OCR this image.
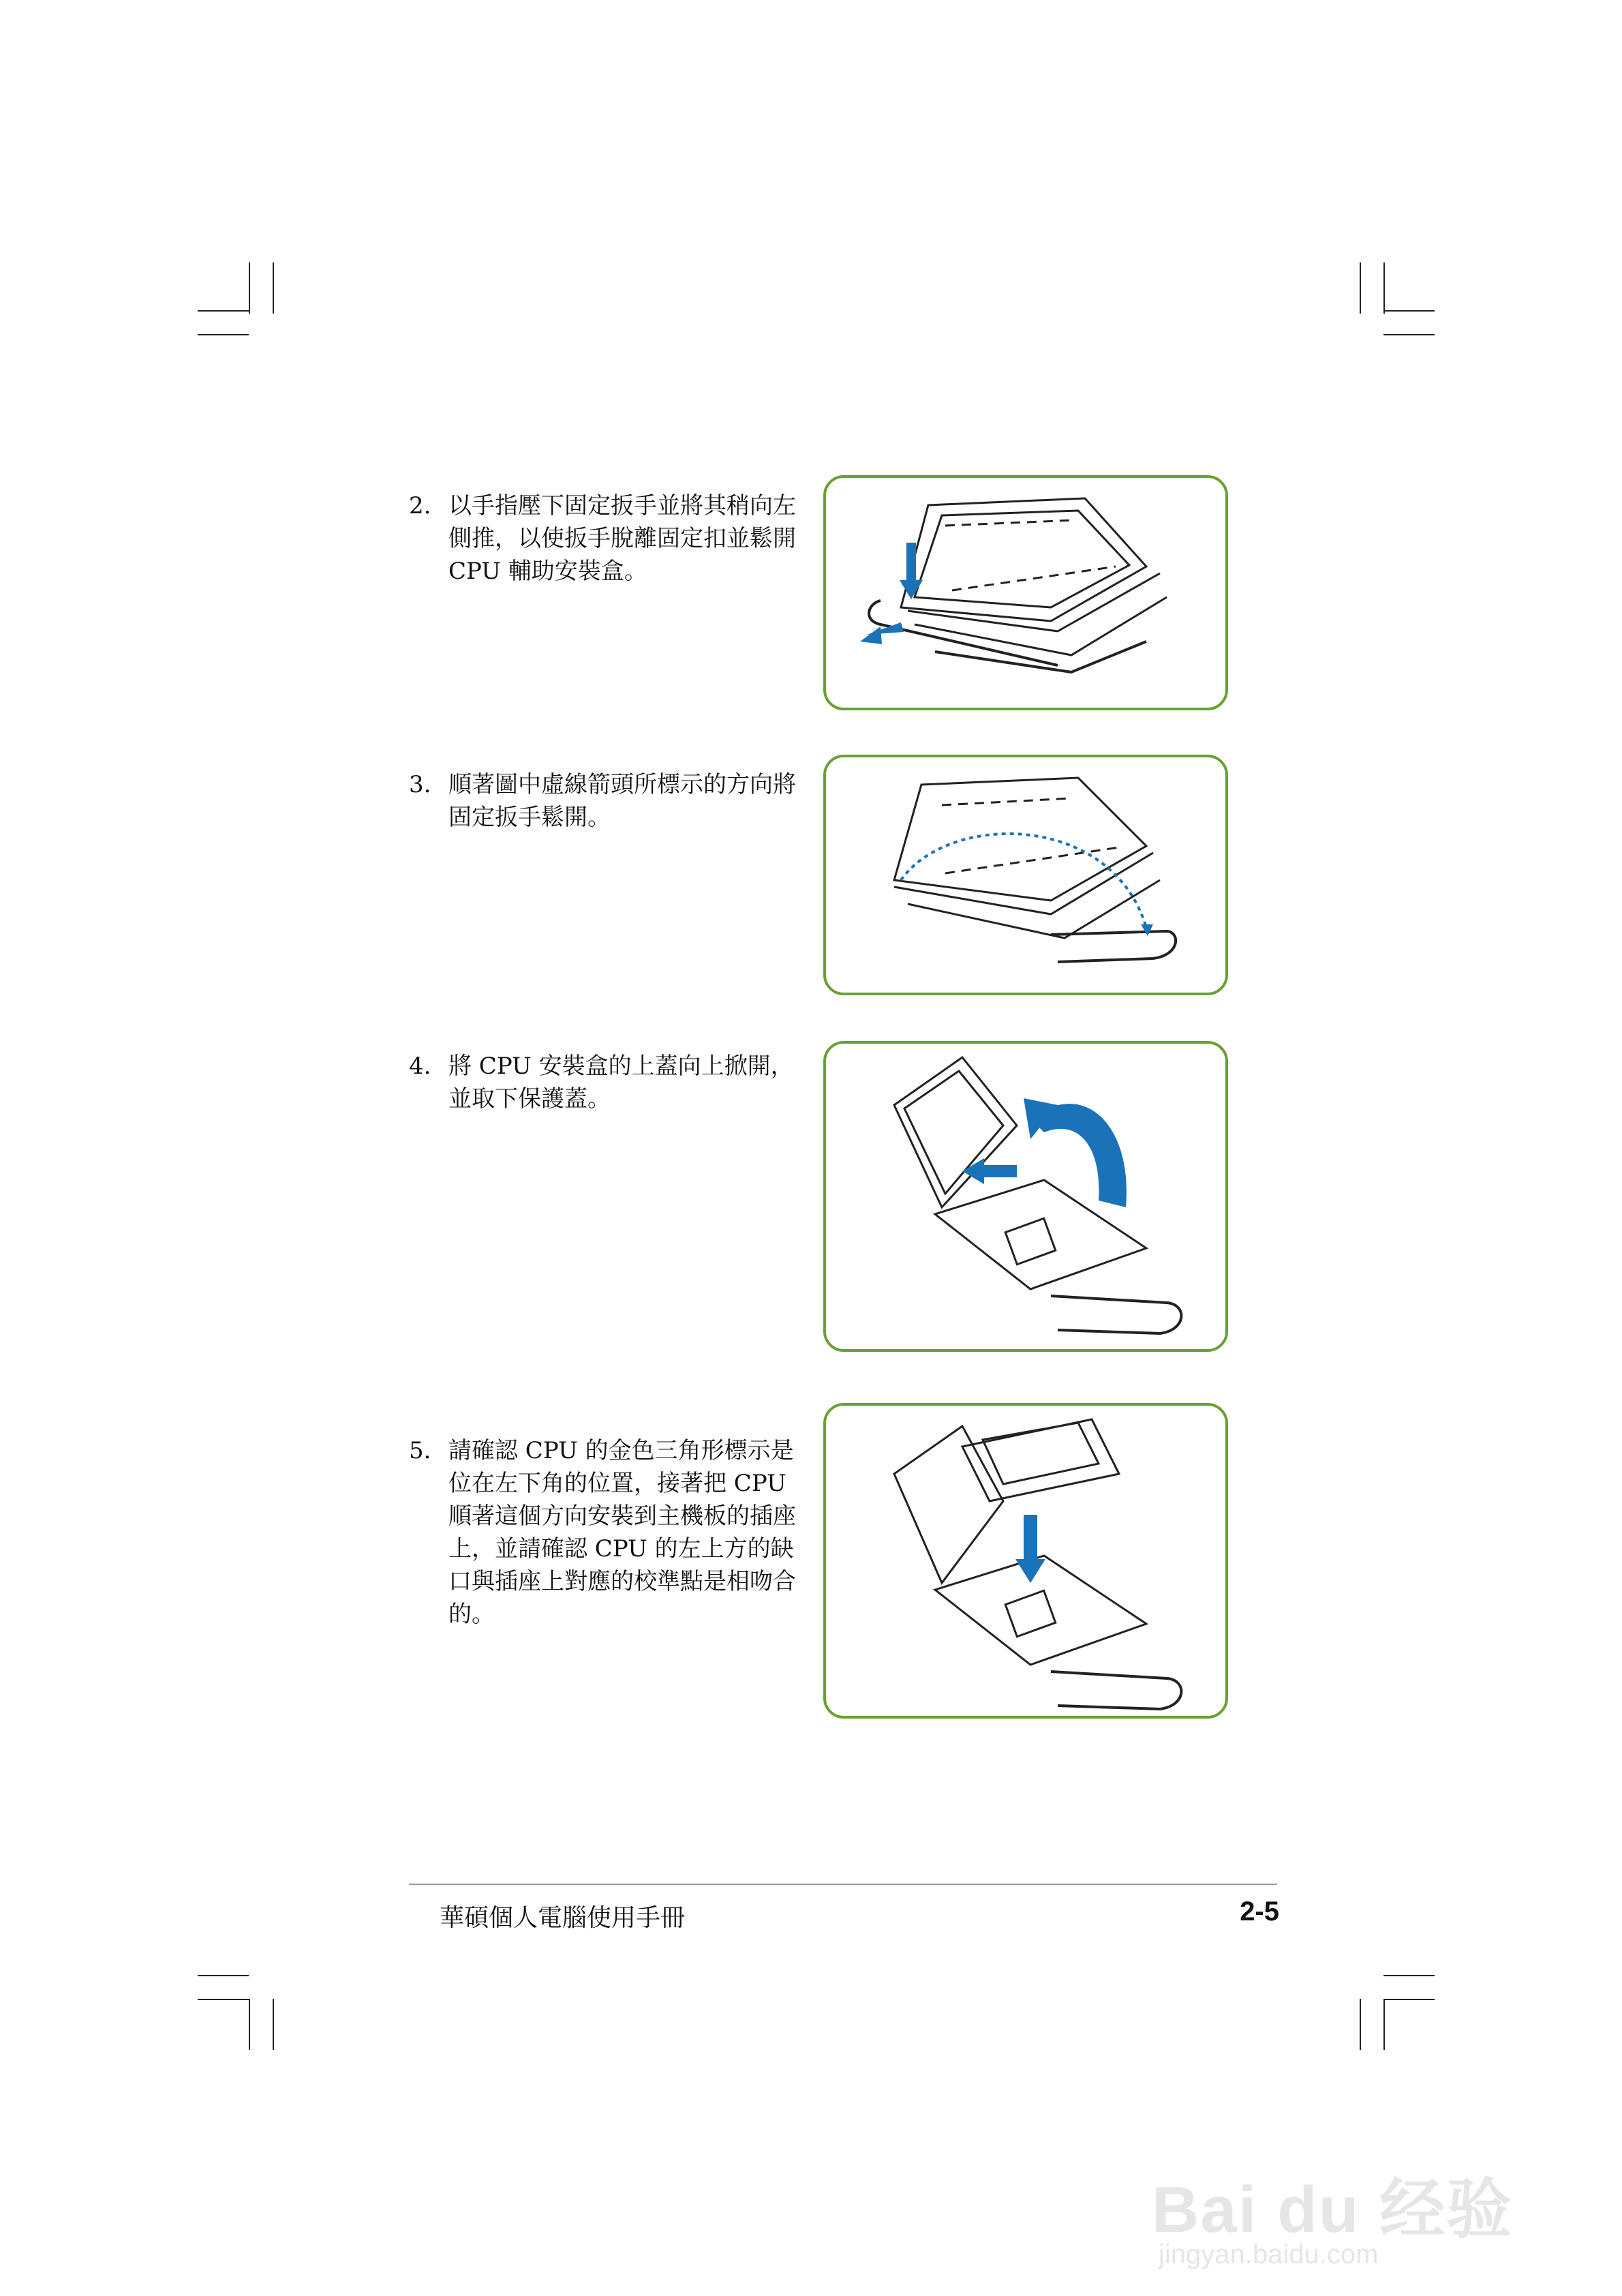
2. 以手指壓下固定扳手並將其稍向左側推，以使扳手脫離固定扣並鬆開 CPU 輔助安裝盒。
3. 順著圖中虛線箭頭所標示的方向將固定扳手鬆開。
4. 將 CPU 安裝盒的上蓋向上掀開，並取下保護蓋。
5. 請確認 CPU 的金色三角形標示是位在左下角的位置，接著把 CPU 順著這個方向安裝到主機板的插座上，並請確認 CPU 的左上方的缺口與插座上對應的校準點是相吻合的。
華碩個人電腦使用手冊	2-5
Bai du 经验
jingyan.baidu.com
